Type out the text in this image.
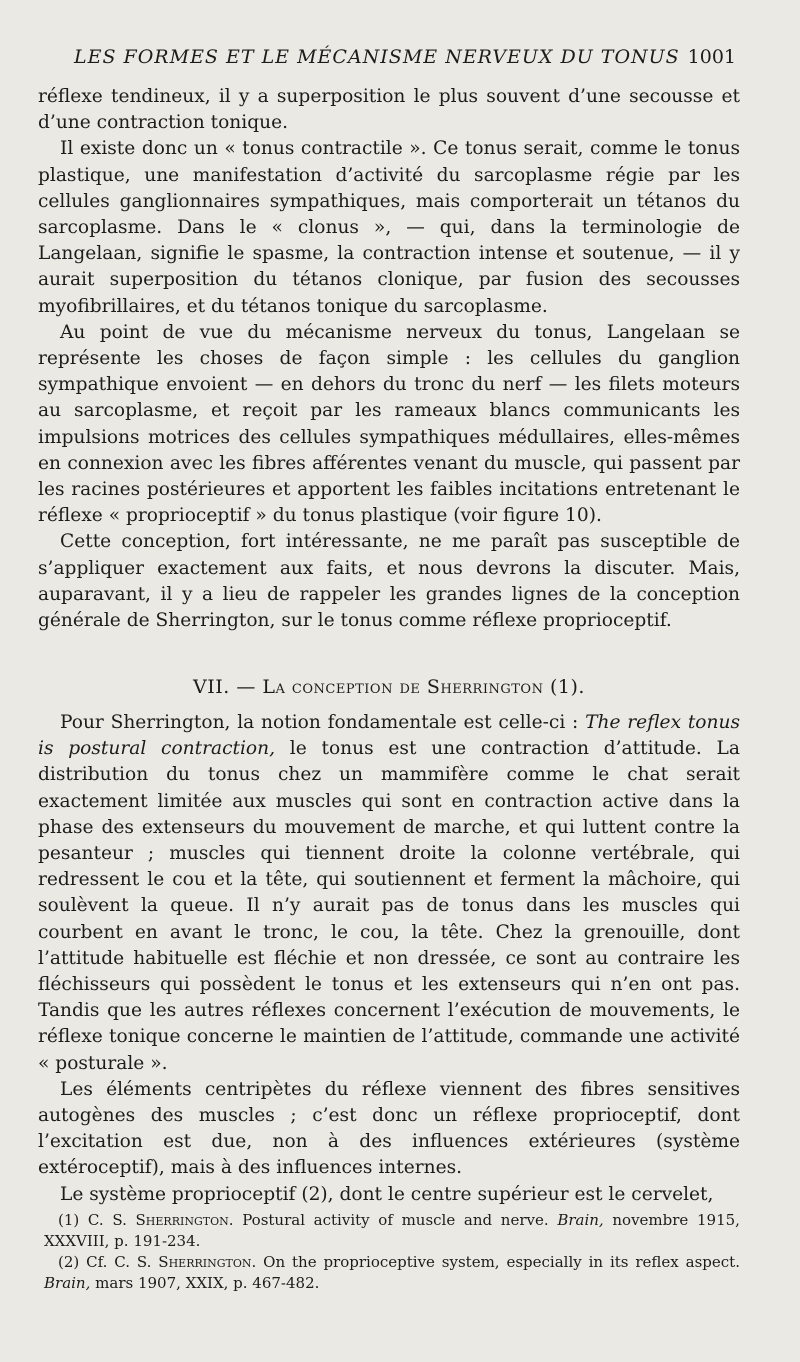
LES FORMES ET LE MÉCANISME NERVEUX DU TONUS 1001

réflexe tendineux, il y a superposition le plus souvent d’une secousse et d’une contraction tonique.

Il existe donc un « tonus contractile ». Ce tonus serait, comme le tonus plastique, une manifestation d’activité du sarcoplasme régie par les cellules ganglionnaires sympathiques, mais comporterait un tétanos du sarcoplasme. Dans le « clonus », — qui, dans la terminologie de Langelaan, signifie le spasme, la contraction intense et soutenue, — il y aurait superposition du tétanos clonique, par fusion des secousses myofibrillaires, et du tétanos tonique du sarcoplasme.

Au point de vue du mécanisme nerveux du tonus, Langelaan se représente les choses de façon simple : les cellules du ganglion sympathique envoient — en dehors du tronc du nerf — les filets moteurs au sarcoplasme, et reçoit par les rameaux blancs communicants les impulsions motrices des cellules sympathiques médullaires, elles-mêmes en connexion avec les fibres afférentes venant du muscle, qui passent par les racines postérieures et apportent les faibles incitations entretenant le réflexe « proprioceptif » du tonus plastique (voir figure 10).

Cette conception, fort intéressante, ne me paraît pas susceptible de s’appliquer exactement aux faits, et nous devrons la discuter. Mais, auparavant, il y a lieu de rappeler les grandes lignes de la conception générale de Sherrington, sur le tonus comme réflexe proprioceptif.

VII. — La conception de Sherrington (1).

Pour Sherrington, la notion fondamentale est celle-ci : The reflex tonus is postural contraction, le tonus est une contraction d’attitude. La distribution du tonus chez un mammifère comme le chat serait exactement limitée aux muscles qui sont en contraction active dans la phase des extenseurs du mouvement de marche, et qui luttent contre la pesanteur ; muscles qui tiennent droite la colonne vertébrale, qui redressent le cou et la tête, qui soutiennent et ferment la mâchoire, qui soulèvent la queue. Il n’y aurait pas de tonus dans les muscles qui courbent en avant le tronc, le cou, la tête. Chez la grenouille, dont l’attitude habituelle est fléchie et non dressée, ce sont au contraire les fléchisseurs qui possèdent le tonus et les extenseurs qui n’en ont pas. Tandis que les autres réflexes concernent l’exécution de mouvements, le réflexe tonique concerne le maintien de l’attitude, commande une activité « posturale ».

Les éléments centripètes du réflexe viennent des fibres sensitives autogènes des muscles ; c’est donc un réflexe proprioceptif, dont l’excitation est due, non à des influences extérieures (système extéroceptif), mais à des influences internes.

Le système proprioceptif (2), dont le centre supérieur est le cervelet,

(1) C. S. Sherrington. Postural activity of muscle and nerve. Brain, novembre 1915, XXXVIII, p. 191-234.

(2) Cf. C. S. Sherrington. On the proprioceptive system, especially in its reflex aspect. Brain, mars 1907, XXIX, p. 467-482.
